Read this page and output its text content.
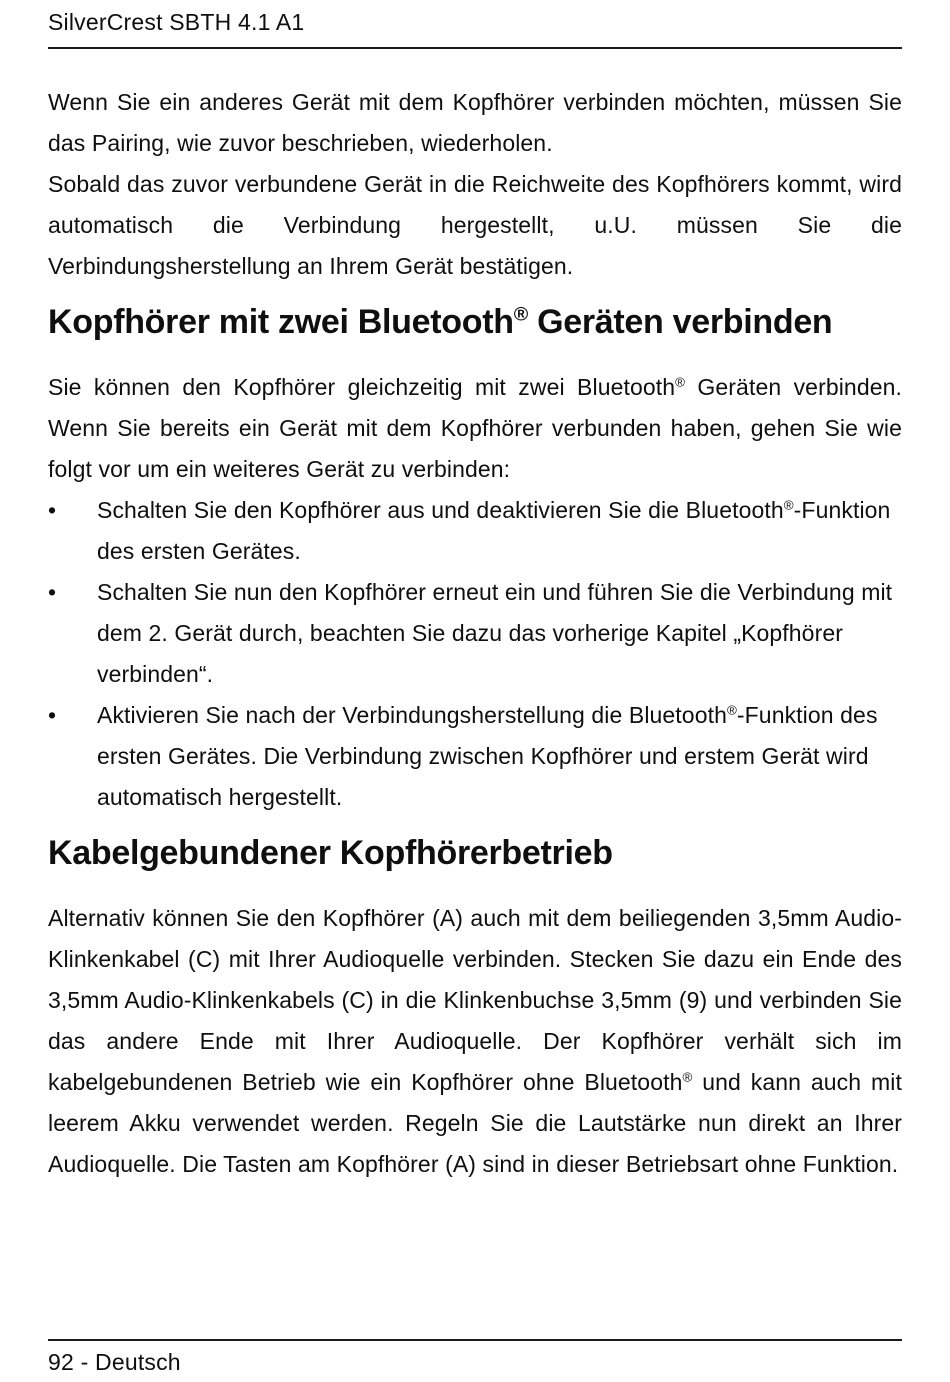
SilverCrest SBTH 4.1 A1

Wenn Sie ein anderes Gerät mit dem Kopfhörer verbinden möchten, müssen Sie das Pairing, wie zuvor beschrieben, wiederholen.

Sobald das zuvor verbundene Gerät in die Reichweite des Kopfhörers kommt, wird automatisch die Verbindung hergestellt, u.U. müssen Sie die Verbindungsherstellung an Ihrem Gerät bestätigen.

Kopfhörer mit zwei Bluetooth® Geräten verbinden

Sie können den Kopfhörer gleichzeitig mit zwei Bluetooth® Geräten verbinden. Wenn Sie bereits ein Gerät mit dem Kopfhörer verbunden haben, gehen Sie wie folgt vor um ein weiteres Gerät zu verbinden:

•	Schalten Sie den Kopfhörer aus und deaktivieren Sie die Bluetooth®-Funktion des ersten Gerätes.
•	Schalten Sie nun den Kopfhörer erneut ein und führen Sie die Verbindung mit dem 2. Gerät durch, beachten Sie dazu das vorherige Kapitel „Kopfhörer verbinden“.
•	Aktivieren Sie nach der Verbindungsherstellung die Bluetooth®-Funktion des ersten Gerätes. Die Verbindung zwischen Kopfhörer und erstem Gerät wird automatisch hergestellt.
Kabelgebundener Kopfhörerbetrieb

Alternativ können Sie den Kopfhörer (A) auch mit dem beiliegenden 3,5mm Audio-Klinkenkabel (C) mit Ihrer Audioquelle verbinden. Stecken Sie dazu ein Ende des 3,5mm Audio-Klinkenkabels (C) in die Klinkenbuchse 3,5mm (9) und verbinden Sie das andere Ende mit Ihrer Audioquelle. Der Kopfhörer verhält sich im kabelgebundenen Betrieb wie ein Kopfhörer ohne Bluetooth® und kann auch mit leerem Akku verwendet werden. Regeln Sie die Lautstärke nun direkt an Ihrer Audioquelle. Die Tasten am Kopfhörer (A) sind in dieser Betriebsart ohne Funktion.

92 - Deutsch
